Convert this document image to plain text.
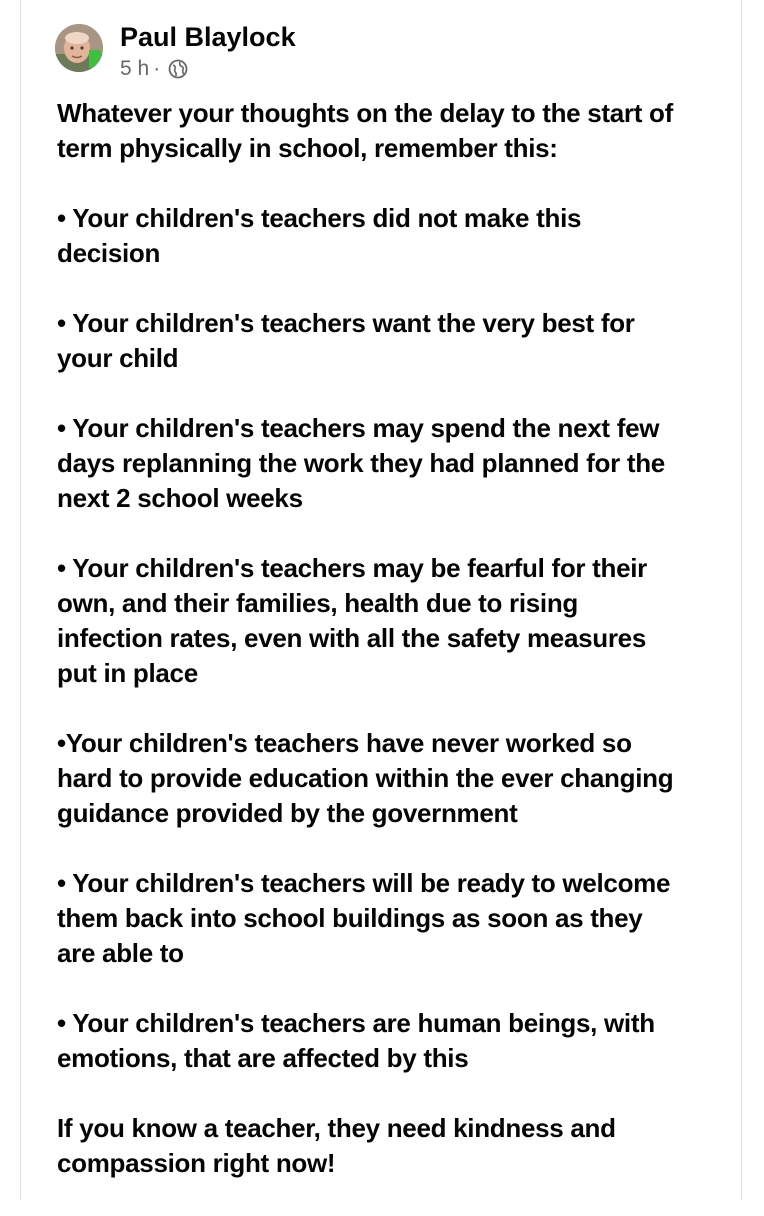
Paul Blaylock
5 h ·

Whatever your thoughts on the delay to the start of
term physically in school, remember this:

• Your children's teachers did not make this
decision

• Your children's teachers want the very best for
your child

• Your children's teachers may spend the next few
days replanning the work they had planned for the
next 2 school weeks

• Your children's teachers may be fearful for their
own, and their families, health due to rising
infection rates, even with all the safety measures
put in place

•Your children's teachers have never worked so
hard to provide education within the ever changing
guidance provided by the government

• Your children's teachers will be ready to welcome
them back into school buildings as soon as they
are able to

• Your children's teachers are human beings, with
emotions, that are affected by this

If you know a teacher, they need kindness and
compassion right now!
